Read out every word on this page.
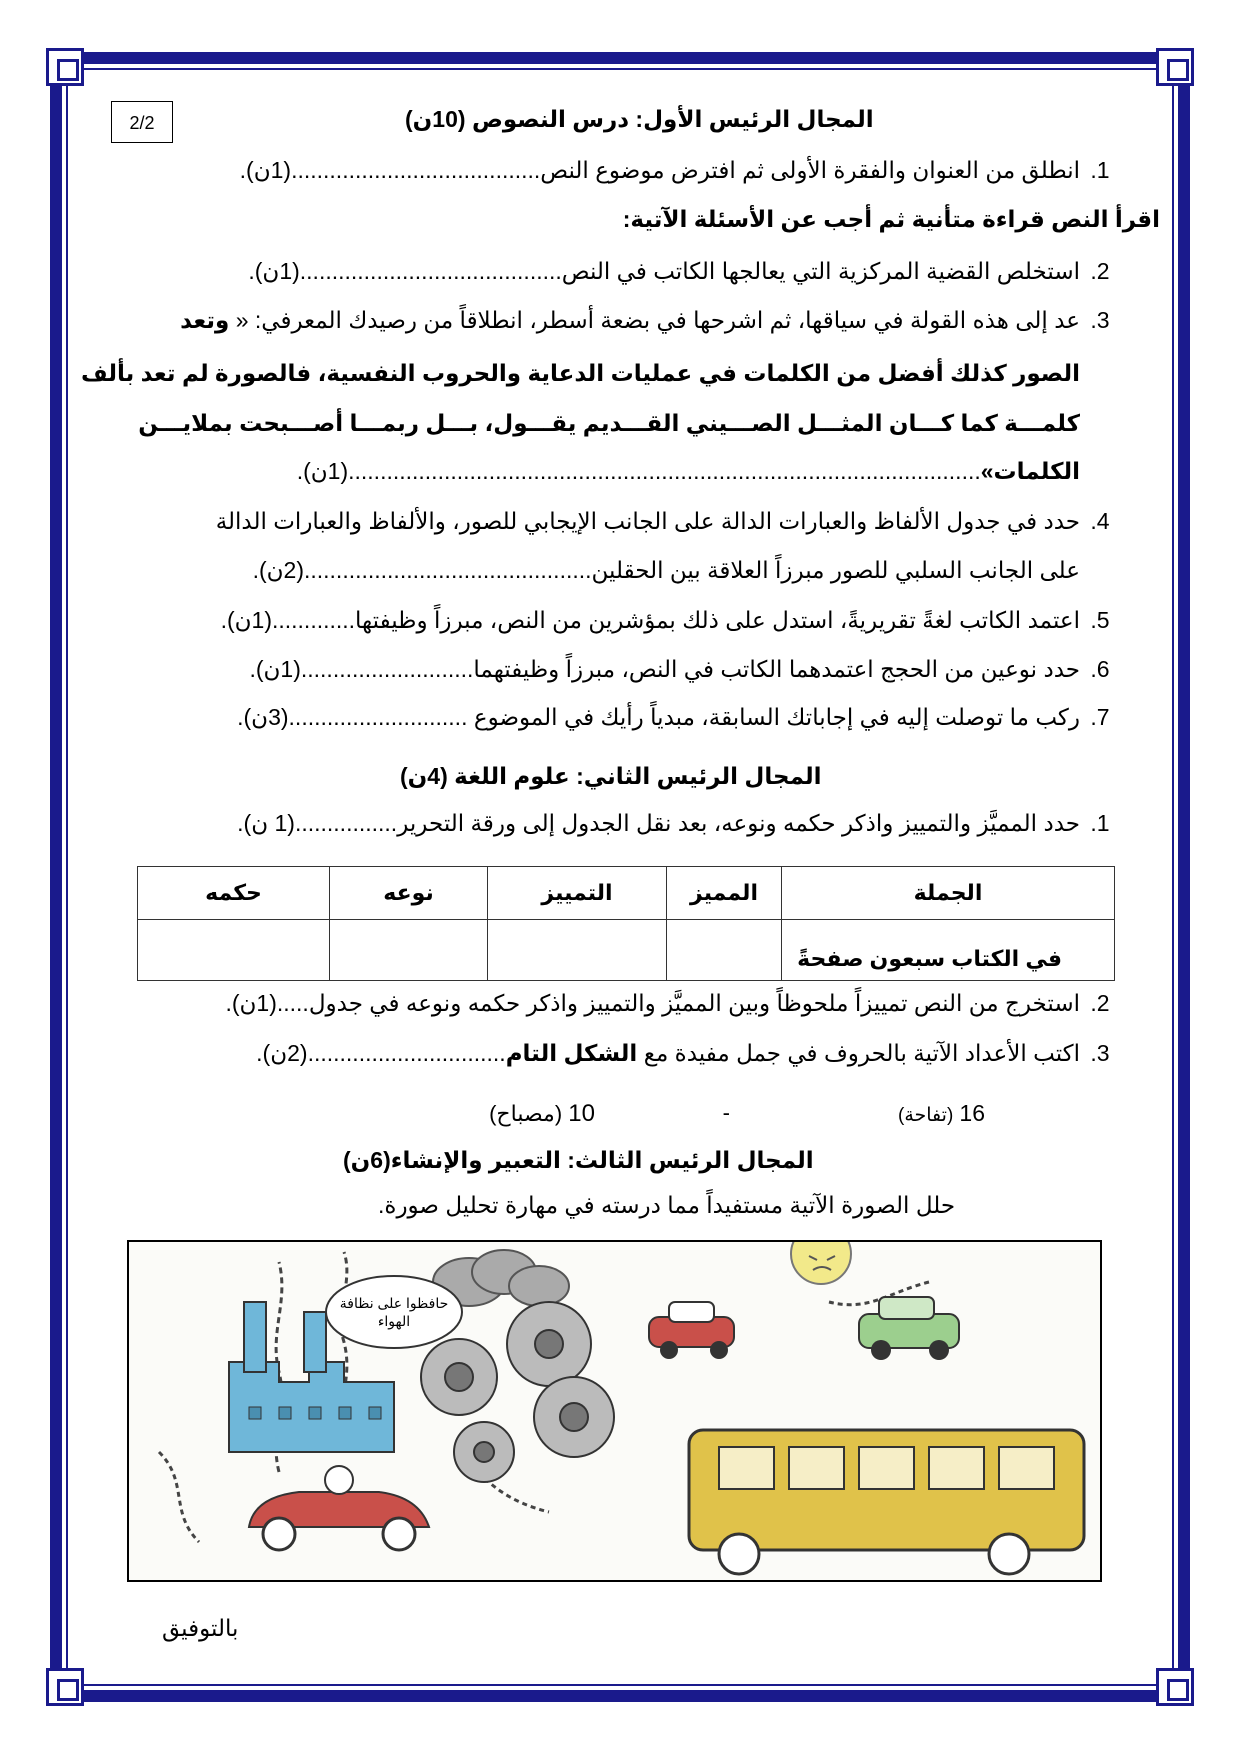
2/2	المجال الرئيس الأول: درس النصوص (10ن)
1.انطلق من العنوان والفقرة الأولى ثم افترض موضوع النص.......................................(1ن).
اقرأ النص قراءة متأنية ثم أجب عن الأسئلة الآتية:
2.استخلص القضية المركزية التي يعالجها الكاتب في النص.........................................(1ن).
3.عد إلى هذه القولة في سياقها، ثم اشرحها في بضعة أسطر، انطلاقاً من رصيدك المعرفي: « وتعد
الصور كذلك أفضل من الكلمات في عمليات الدعاية والحروب النفسية، فالصورة لم تعد بألف
كلمـــة كما كـــان المثـــل الصـــيني القـــديم يقـــول، بـــل ربمـــا أصـــبحت بملايـــن
الكلمات»...................................................................................................(1ن).
4.حدد في جدول الألفاظ والعبارات الدالة على الجانب الإيجابي للصور، والألفاظ والعبارات الدالة
على الجانب السلبي للصور مبرزاً العلاقة بين الحقلين.............................................(2ن).
5.اعتمد الكاتب لغةً تقريريةً، استدل على ذلك بمؤشرين من النص، مبرزاً وظيفتها.............(1ن).
6.حدد نوعين من الحجج اعتمدهما الكاتب في النص، مبرزاً وظيفتهما...........................(1ن).
7.ركب ما توصلت إليه في إجاباتك السابقة، مبدياً رأيك في الموضوع ............................(3ن).
المجال الرئيس الثاني: علوم اللغة (4ن)
1.حدد المميَّز والتمييز واذكر حكمه ونوعه، بعد نقل الجدول إلى ورقة التحرير................(1 ن).
الجملة	المميز	التمييز	نوعه	حكمه
في الكتاب سبعون صفحةً				
2.استخرج من النص تمييزاً ملحوظاً وبين المميَّز والتمييز واذكر حكمه ونوعه في جدول.....(1ن).
3.اكتب الأعداد الآتية بالحروف في جمل مفيدة مع الشكل التام...............................(2ن).
16 (تفاحة)
-
10 (مصباح)
المجال الرئيس الثالث: التعبير والإنشاء(6ن)
حلل الصورة الآتية مستفيداً مما درسته في مهارة تحليل صورة.
حافظوا على نظافة الهواء
بالتوفيق
